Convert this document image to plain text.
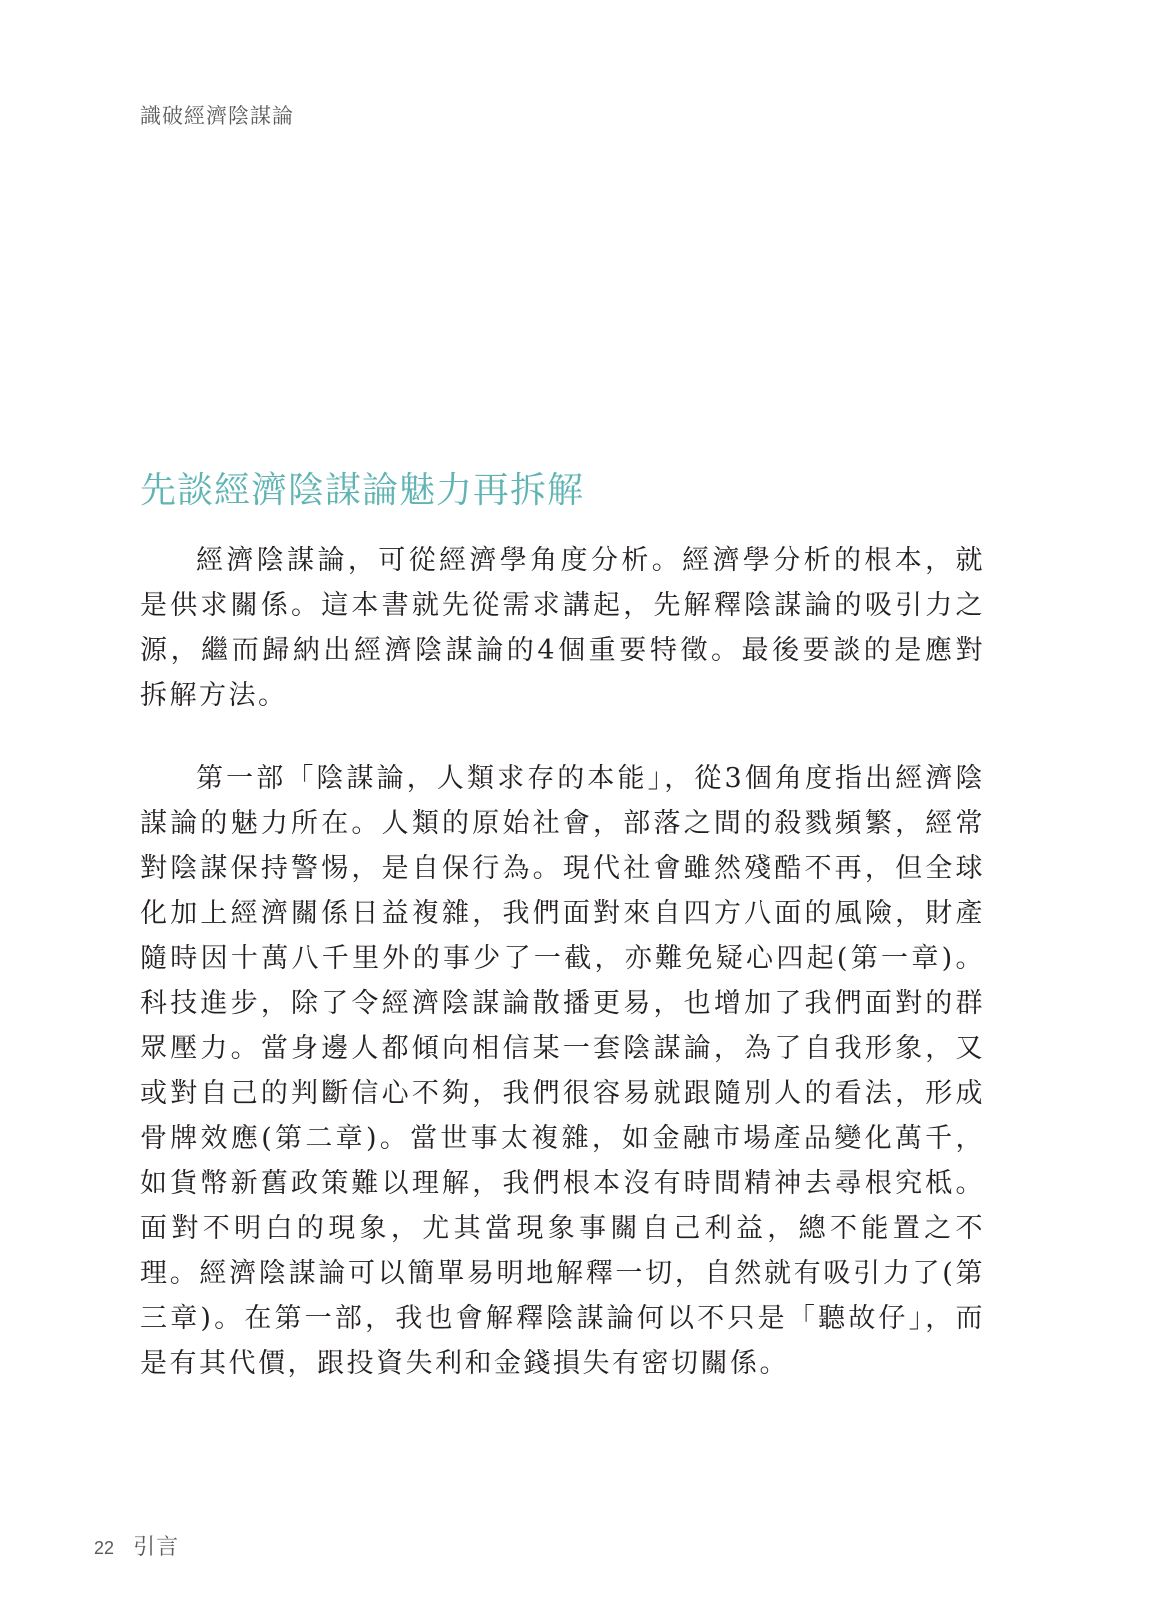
識破經濟陰謀論
先談經濟陰謀論魅力再拆解

經濟陰謀論，可從經濟學角度分析。經濟學分析的根本，就是供求關係。這本書就先從需求講起，先解釋陰謀論的吸引力之源，繼而歸納出經濟陰謀論的4個重要特徵。最後要談的是應對拆解方法。

第一部「陰謀論，人類求存的本能」，從3個角度指出經濟陰謀論的魅力所在。人類的原始社會，部落之間的殺戮頻繁，經常對陰謀保持警惕，是自保行為。現代社會雖然殘酷不再，但全球化加上經濟關係日益複雜，我們面對來自四方八面的風險，財產隨時因十萬八千里外的事少了一截，亦難免疑心四起(第一章)。科技進步，除了令經濟陰謀論散播更易，也增加了我們面對的群眾壓力。當身邊人都傾向相信某一套陰謀論，為了自我形象，又或對自己的判斷信心不夠，我們很容易就跟隨別人的看法，形成骨牌效應(第二章)。當世事太複雜，如金融市場產品變化萬千，如貨幣新舊政策難以理解，我們根本沒有時間精神去尋根究柢。面對不明白的現象，尤其當現象事關自己利益，總不能置之不理。經濟陰謀論可以簡單易明地解釋一切，自然就有吸引力了(第三章)。在第一部，我也會解釋陰謀論何以不只是「聽故仔」，而是有其代價，跟投資失利和金錢損失有密切關係。

22 引言
